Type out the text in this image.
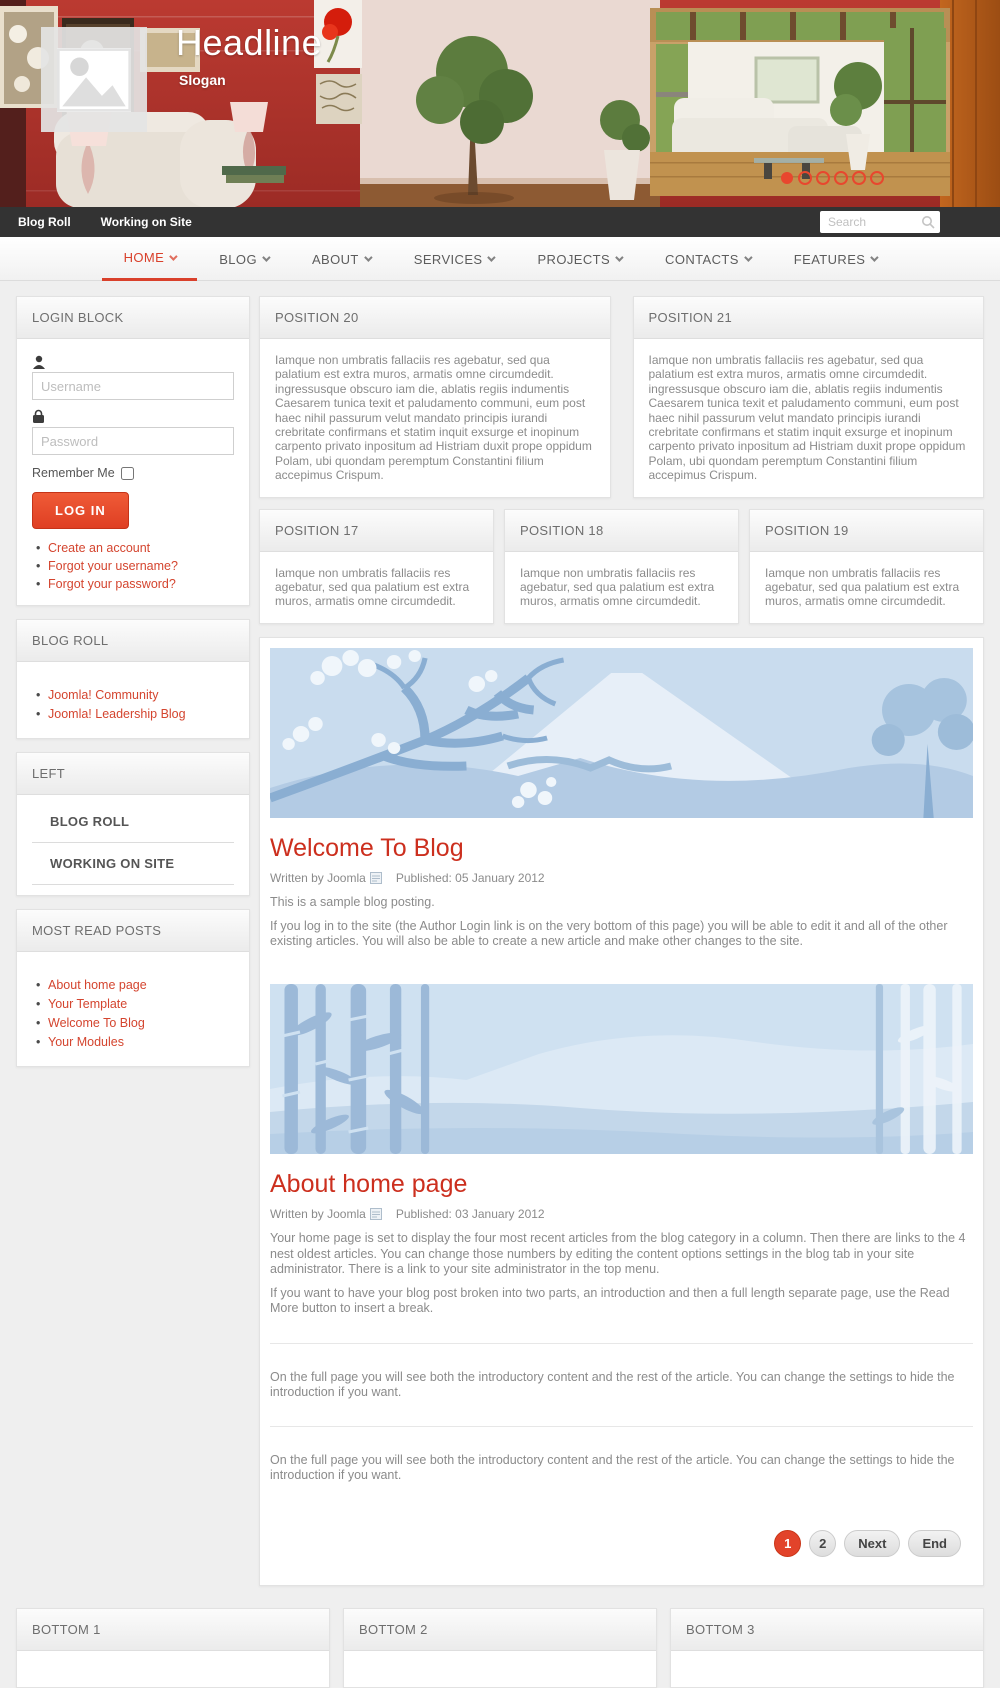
Headline
Slogan
Blog Roll	Working on Site
Search
HOME	BLOG	ABOUT	SERVICES	PROJECTS	CONTACTS	FEATURES
LOGIN BLOCK
Username
Remember Me
LOG IN
• Create an account
• Forgot your username?
• Forgot your password?
BLOG ROLL
• Joomla! Community
• Joomla! Leadership Blog
LEFT
BLOG ROLL
WORKING ON SITE
MOST READ POSTS
• About home page
• Your Template
• Welcome To Blog
• Your Modules
POSITION 20
Iamque non umbratis fallaciis res agebatur, sed qua palatium est extra muros, armatis omne circumdedit. ingressusque obscuro iam die, ablatis regiis indumentis Caesarem tunica texit et paludamento communi, eum post haec nihil passurum velut mandato principis iurandi crebritate confirmans et statim inquit exsurge et inopinum carpento privato inpositum ad Histriam duxit prope oppidum Polam, ubi quondam peremptum Constantini filium accepimus Crispum.
POSITION 21
Iamque non umbratis fallaciis res agebatur, sed qua palatium est extra muros, armatis omne circumdedit. ingressusque obscuro iam die, ablatis regiis indumentis Caesarem tunica texit et paludamento communi, eum post haec nihil passurum velut mandato principis iurandi crebritate confirmans et statim inquit exsurge et inopinum carpento privato inpositum ad Histriam duxit prope oppidum Polam, ubi quondam peremptum Constantini filium accepimus Crispum.
POSITION 17
Iamque non umbratis fallaciis res agebatur, sed qua palatium est extra muros, armatis omne circumdedit.
POSITION 18
Iamque non umbratis fallaciis res agebatur, sed qua palatium est extra muros, armatis omne circumdedit.
POSITION 19
Iamque non umbratis fallaciis res agebatur, sed qua palatium est extra muros, armatis omne circumdedit.
Welcome To Blog
Written by Joomla	Published: 05 January 2012

This is a sample blog posting.

If you log in to the site (the Author Login link is on the very bottom of this page) you will be able to edit it and all of the other existing articles. You will also be able to create a new article and make other changes to the site.

About home page
Written by Joomla	Published: 03 January 2012

Your home page is set to display the four most recent articles from the blog category in a column. Then there are links to the 4 nest oldest articles. You can change those numbers by editing the content options settings in the blog tab in your site administrator. There is a link to your site administrator in the top menu.

If you want to have your blog post broken into two parts, an introduction and then a full length separate page, use the Read More button to insert a break.

On the full page you will see both the introductory content and the rest of the article. You can change the settings to hide the introduction if you want.

On the full page you will see both the introductory content and the rest of the article. You can change the settings to hide the introduction if you want.

1	2	Next	End
BOTTOM 1	BOTTOM 2	BOTTOM 3
